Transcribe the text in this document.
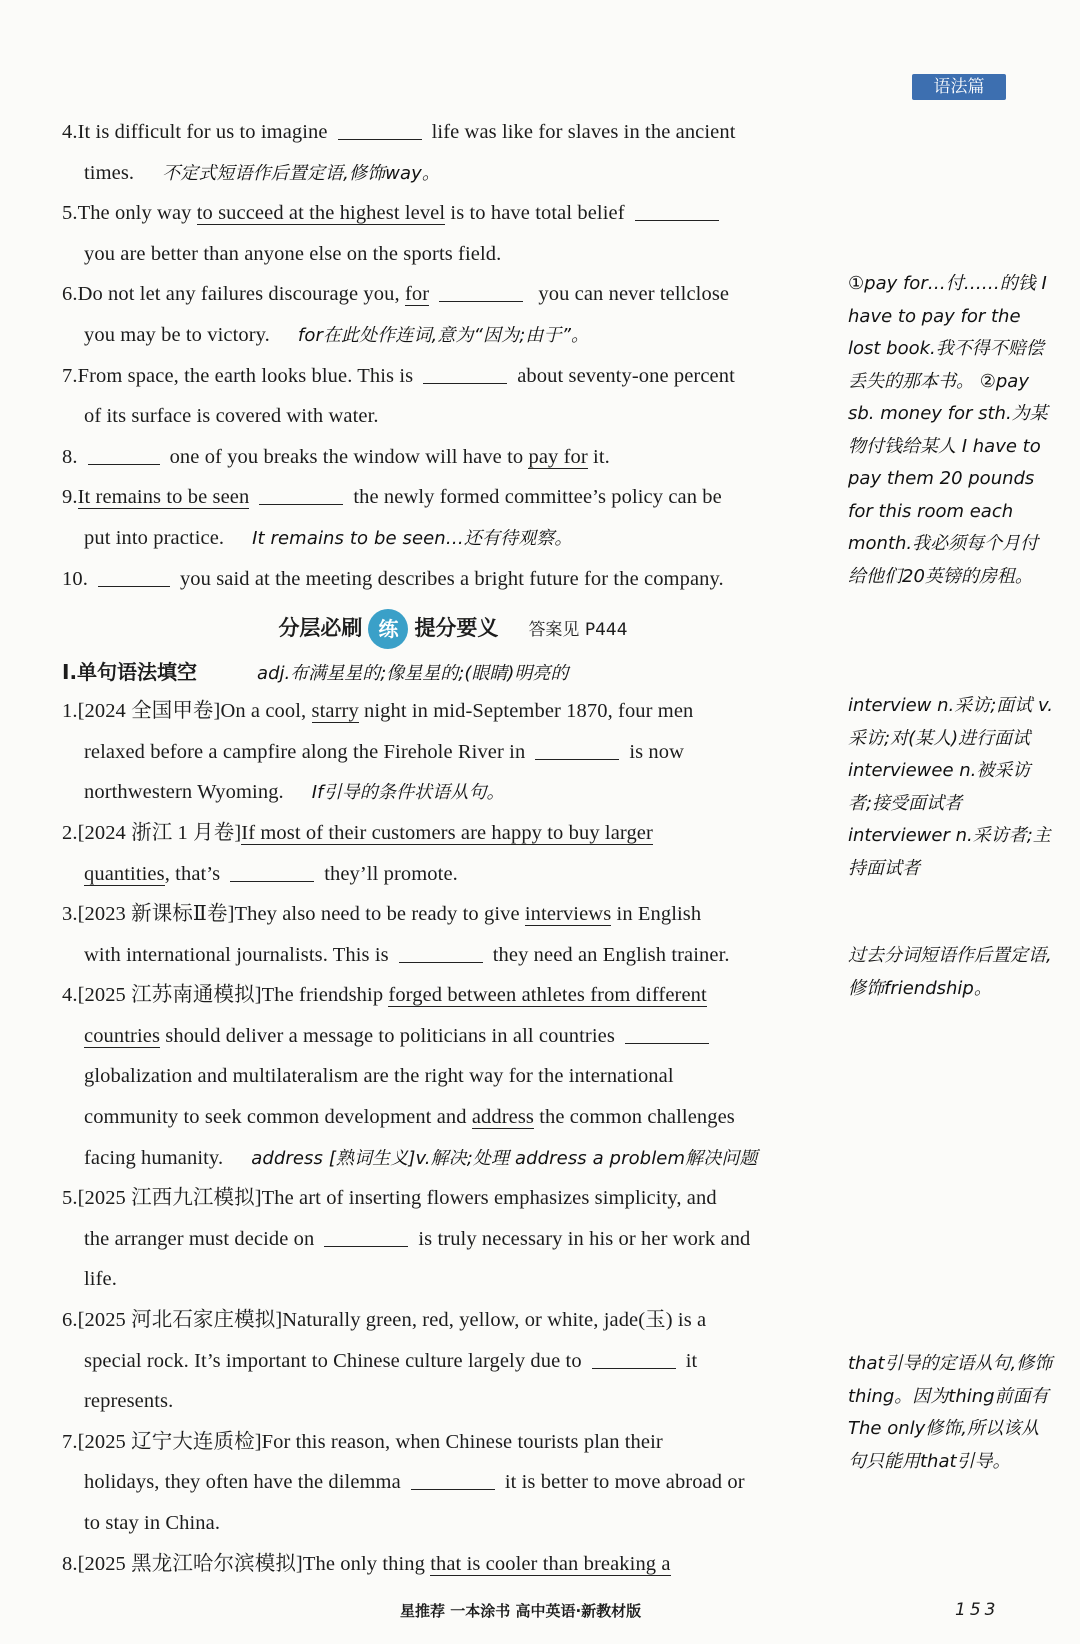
语法篇
4.It is difficult for us to imagine	life was like for slaves in the ancient
times. 不定式短语作后置定语,修饰way。
5.The only way to succeed at the highest level is to have total belief
you are better than anyone else on the sports field.
6.Do not let any failures discourage you, for	you can never tellclose
you may be to victory. for在此处作连词,意为“因为;由于”。
7.From space, the earth looks blue. This is	about seventy-one percent
of its surface is covered with water.
8.	one of you breaks the window will have to pay for it.
9.It remains to be seen	the newly formed committee’s policy can be
put into practice. It remains to be seen…还有待观察。
10.	you said at the meeting describes a bright future for the company.
分层必刷 练 提分要义 答案见 P444
Ⅰ.单句语法填空	adj.布满星星的;像星星的;(眼睛)明亮的
1.[2024 全国甲卷]On a cool, starry night in mid-September 1870, four men
relaxed before a campfire along the Firehole River in	is now
northwestern Wyoming. If引导的条件状语从句。
2.[2024 浙江 1 月卷]If most of their customers are happy to buy larger
quantities, that’s	they’ll promote.
3.[2023 新课标Ⅱ卷]They also need to be ready to give interviews in English
with international journalists. This is	they need an English trainer.
4.[2025 江苏南通模拟]The friendship forged between athletes from different
countries should deliver a message to politicians in all countries
globalization and multilateralism are the right way for the international
community to seek common development and address the common challenges
facing humanity. address [熟词生义]v.解决;处理 address a problem解决问题
5.[2025 江西九江模拟]The art of inserting flowers emphasizes simplicity, and
the arranger must decide on	is truly necessary in his or her work and
life.
6.[2025 河北石家庄模拟]Naturally green, red, yellow, or white, jade(玉) is a
special rock. It’s important to Chinese culture largely due to	it
represents.
7.[2025 辽宁大连质检]For this reason, when Chinese tourists plan their
holidays, they often have the dilemma	it is better to move abroad or
to stay in China.
8.[2025 黑龙江哈尔滨模拟]The only thing that is cooler than breaking a
①pay for…付……的钱 I have to pay for the lost book.我不得不赔偿丢失的那本书。 ②pay sb. money for sth.为某物付钱给某人 I have to pay them 20 pounds for this room each month.我必须每个月付给他们20英镑的房租。
interview n.采访;面试 v.采访;对(某人)进行面试 interviewee n.被采访者;接受面试者 interviewer n.采访者;主持面试者
过去分词短语作后置定语,修饰friendship。
that引导的定语从句,修饰thing。因为thing前面有The only修饰,所以该从句只能用that引导。
星推荐 一本涂书 高中英语·新教材版	153
